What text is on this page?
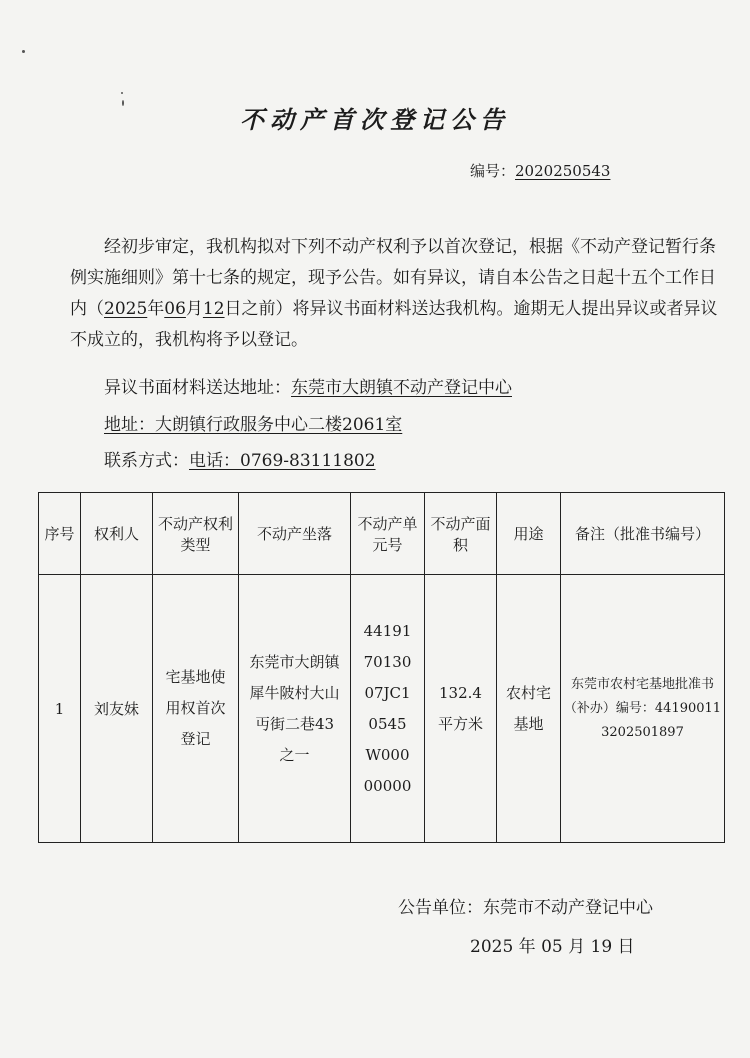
不动产首次登记公告
编号：2020250543
经初步审定，我机构拟对下列不动产权利予以首次登记，根据《不动产登记暂行条例实施细则》第十七条的规定，现予公告。如有异议，请自本公告之日起十五个工作日内（2025年06月12日之前）将异议书面材料送达我机构。逾期无人提出异议或者异议不成立的，我机构将予以登记。
异议书面材料送达地址：东莞市大朗镇不动产登记中心
地址：大朗镇行政服务中心二楼2061室
联系方式：电话：0769-83111802
序号	权利人	不动产权利类型	不动产坐落	不动产单元号	不动产面积	用途	备注（批准书编号）
1	刘友妹	宅基地使用权首次登记	东莞市大朗镇犀牛陂村大山丏街二巷43之一	441917013007JC10545W00000000	132.4平方米	农村宅基地	东莞市农村宅基地批准书（补办）编号：441900113202501897
公告单位：东莞市不动产登记中心
2025 年 05 月 19 日
